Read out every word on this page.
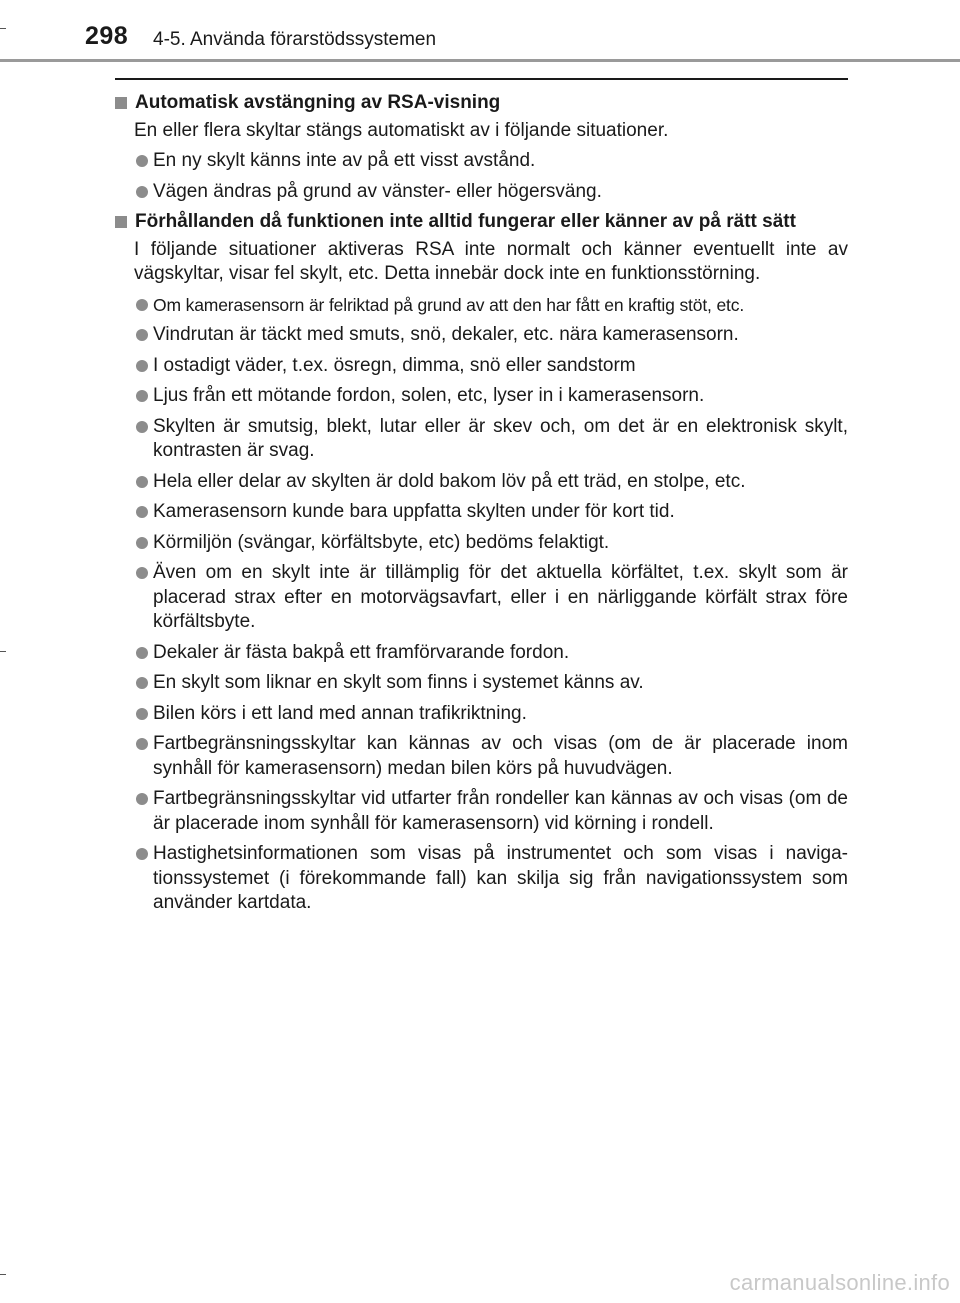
298 4-5. Använda förarstödssystemen
Automatisk avstängning av RSA-visning
En eller flera skyltar stängs automatiskt av i följande situationer.
En ny skylt känns inte av på ett visst avstånd.
Vägen ändras på grund av vänster- eller högersväng.
Förhållanden då funktionen inte alltid fungerar eller känner av på rätt sätt
I följande situationer aktiveras RSA inte normalt och känner eventuellt inte av vägskyltar, visar fel skylt, etc. Detta innebär dock inte en funktionsstörning.
Om kamerasensorn är felriktad på grund av att den har fått en kraftig stöt, etc.
Vindrutan är täckt med smuts, snö, dekaler, etc. nära kamerasensorn.
I ostadigt väder, t.ex. ösregn, dimma, snö eller sandstorm
Ljus från ett mötande fordon, solen, etc, lyser in i kamerasensorn.
Skylten är smutsig, blekt, lutar eller är skev och, om det är en elektronisk skylt, kontrasten är svag.
Hela eller delar av skylten är dold bakom löv på ett träd, en stolpe, etc.
Kamerasensorn kunde bara uppfatta skylten under för kort tid.
Körmiljön (svängar, körfältsbyte, etc) bedöms felaktigt.
Även om en skylt inte är tillämplig för det aktuella körfältet, t.ex. skylt som är placerad strax efter en motorvägsavfart, eller i en närliggande körfält strax före körfältsbyte.
Dekaler är fästa bakpå ett framförvarande fordon.
En skylt som liknar en skylt som finns i systemet känns av.
Bilen körs i ett land med annan trafikriktning.
Fartbegränsningsskyltar kan kännas av och visas (om de är placerade inom synhåll för kamerasensorn) medan bilen körs på huvudvägen.
Fartbegränsningsskyltar vid utfarter från rondeller kan kännas av och visas (om de är placerade inom synhåll för kamerasensorn) vid körning i rondell.
Hastighetsinformationen som visas på instrumentet och som visas i naviga-tionssystemet (i förekommande fall) kan skilja sig från navigationssystem som använder kartdata.
carmanualsonline.info
